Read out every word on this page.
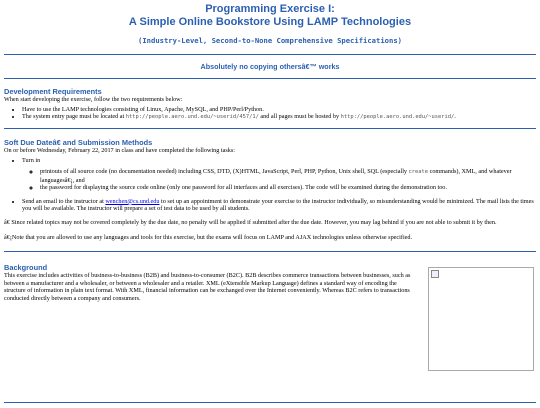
Programming Exercise I:
A Simple Online Bookstore Using LAMP Technologies
(Industry-Level, Second-to-None Comprehensive Specifications)
Absolutely no copying othersâ€™ works
Development Requirements
When start developing the exercise, follow the two requirements below:
• Have to use the LAMP technologies consisting of Linux, Apache, MySQL, and PHP/Perl/Python.
• The system entry page must be located at http://people.aero.und.edu/~userid/457/1/ and all pages must be hosted by http://people.aero.und.edu/~userid/.
Soft Due Dateâ€ and Submission Methods
On or before Wednesday, February 22, 2017 in class and have completed the following tasks:
• Turn in
◦ printouts of all source code (no documentation needed) including CSS, DTD, (X)HTML, JavaScript, Perl, PHP, Python, Unix shell, SQL (especially create commands), XML, and whatever languagesâ€¡, and
◦ the password for displaying the source code online (only one password for all interfaces and all exercises). The code will be examined during the demonstration too.
• Send an email to the instructor at wenchen@cs.und.edu to set up an appointment to demonstrate your exercise to the instructor individually, so misunderstanding would be minimized. The mail lists the times you will be available. The instructor will prepare a set of test data to be used by all students.
â€ Since related topics may not be covered completely by the due date, no penalty will be applied if submitted after the due date. However, you may lag behind if you are not able to submit it by then.
â€¡Note that you are allowed to use any languages and tools for this exercise, but the exams will focus on LAMP and AJAX technologies unless otherwise specified.
Background
This exercise includes activities of business-to-business (B2B) and business-to-consumer (B2C). B2B describes commerce transactions between businesses, such as between a manufacturer and a wholesaler, or between a wholesaler and a retailer. XML (eXtensible Markup Language) defines a standard way of encoding the structure of information in plain text format. With XML, financial information can be exchanged over the Internet conveniently. Whereas B2C refers to transactions conducted directly between a company and consumers.
